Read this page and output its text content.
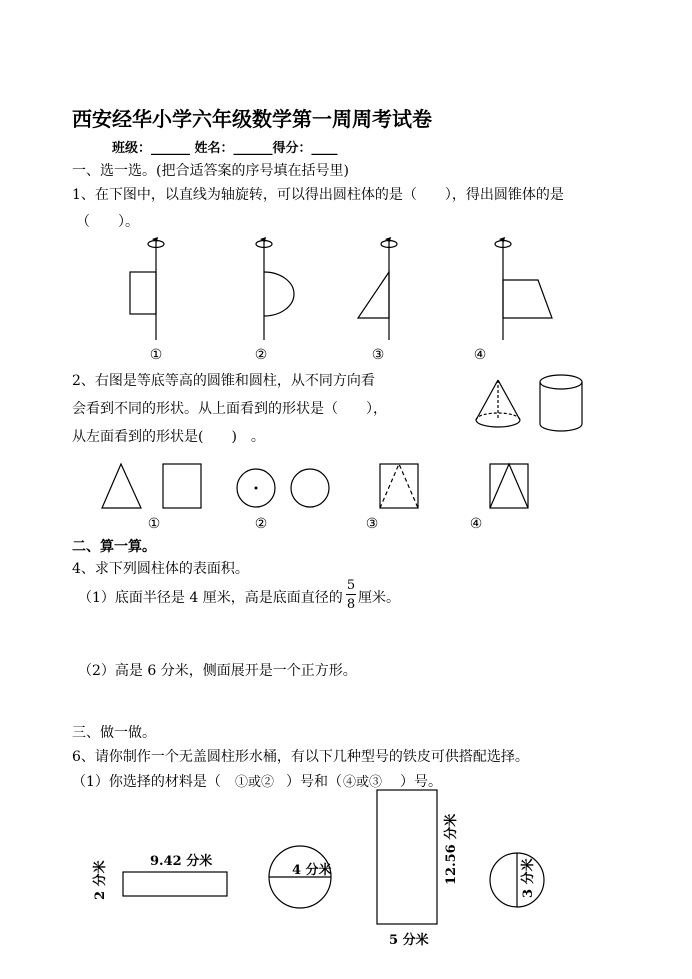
西安经华小学六年级数学第一周周考试卷
班级：______ 姓名：______得分：____
一、选一选。(把合适答案的序号填在括号里)
1、在下图中，以直线为轴旋转，可以得出圆柱体的是（　　），得出圆锥体的是
（　　）。
①	②	③	④
2、右图是等底等高的圆锥和圆柱，从不同方向看
会看到不同的形状。从上面看到的形状是（　　），
从左面看到的形状是(　　)　。
①	②	③	④
二、算一算。
4、求下列圆柱体的表面积。
（1）底面半径是 4 厘米，高是底面直径的
5
8 厘米。
（2）高是 6 分米，侧面展开是一个正方形。
三、做一做。
6、请你制作一个无盖圆柱形水桶，有以下几种型号的铁皮可供搭配选择。
（1）你选择的材料是（ ①或② ）号和（ ④或③ ）号。
9.42 分米
2 分米	4 分米	12.56 分米
5 分米
3 分米
